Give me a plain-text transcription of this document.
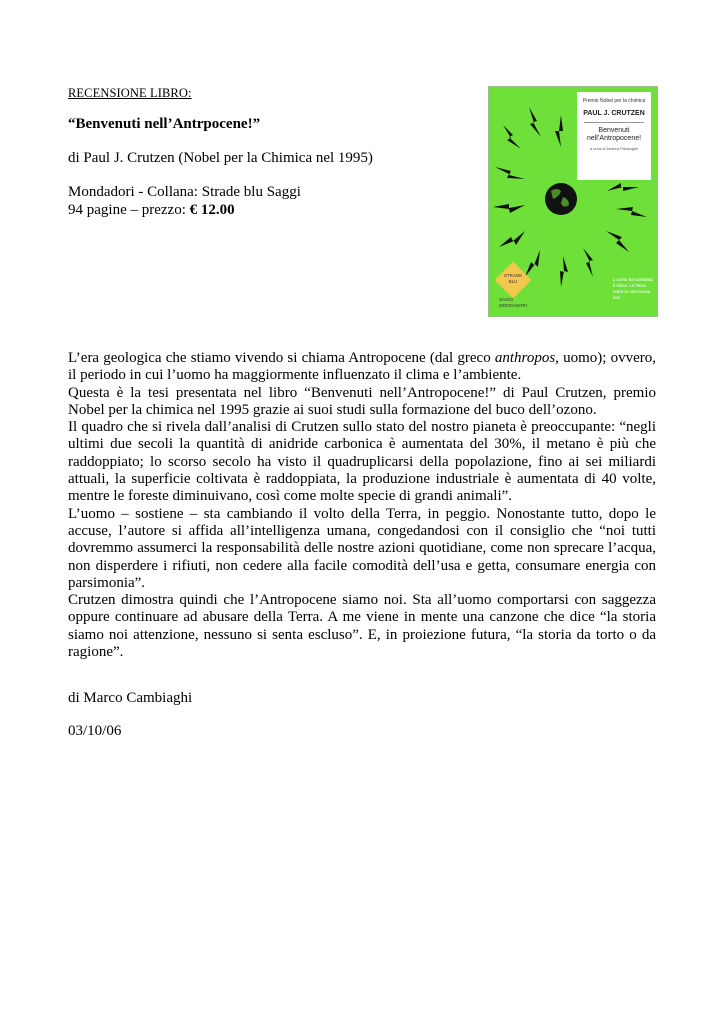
RECENSIONE LIBRO:
“Benvenuti nell’Antrpocene!”
di Paul J. Crutzen (Nobel per la Chimica nel 1995)
Mondadori - Collana: Strade blu Saggi
94 pagine – prezzo: € 12.00
Premio Nobel per la chimica
PAUL J. CRUTZEN
Benvenuti nell’Antropocene!
a cura di Andrea Parlangeli
STRADE BLU
SAGGI
MONDADORI
L’uomo ha cambiato il clima. La Terra entra in una nuova era.

L’era geologica che stiamo vivendo si chiama Antropocene (dal greco anthropos, uomo); ovvero, il periodo in cui l’uomo ha maggiormente influenzato il clima e l’ambiente.

Questa è la tesi presentata nel libro “Benvenuti nell’Antropocene!” di Paul Crutzen, premio Nobel per la chimica nel 1995 grazie ai suoi studi sulla formazione del buco dell’ozono.

Il quadro che si rivela dall’analisi di Crutzen sullo stato del nostro pianeta è preoccupante: “negli ultimi due secoli la quantità di anidride carbonica è aumentata del 30%, il metano è più che raddoppiato; lo scorso secolo ha visto il quadruplicarsi della popolazione, fino ai sei miliardi attuali, la superficie coltivata è raddoppiata, la produzione industriale è aumentata di 40 volte, mentre le foreste diminuivano, così come molte specie di grandi animali”.

L’uomo – sostiene – sta cambiando il volto della Terra, in peggio. Nonostante tutto, dopo le accuse, l’autore si affida all’intelligenza umana, congedandosi con il consiglio che “noi tutti dovremmo assumerci la responsabilità delle nostre azioni quotidiane, come non sprecare l’acqua, non disperdere i rifiuti, non cedere alla facile comodità dell’usa e getta, consumare energia con parsimonia”.

Crutzen dimostra quindi che l’Antropocene siamo noi. Sta all’uomo comportarsi con saggezza oppure continuare ad abusare della Terra. A me viene in mente una canzone che dice “la storia siamo noi attenzione, nessuno si senta escluso”. E, in proiezione futura, “la storia da torto o da ragione”.

di Marco Cambiaghi
03/10/06
